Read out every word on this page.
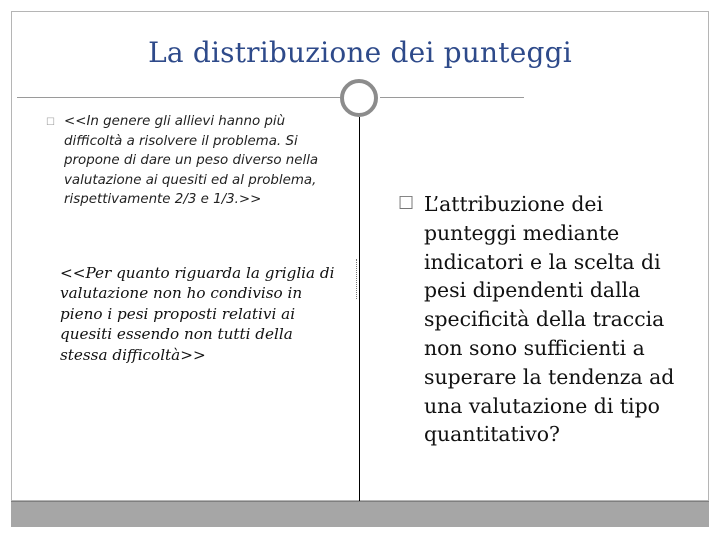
La distribuzione dei punteggi
☐ <<In genere gli allievi hanno più difficoltà a risolvere il problema. Si propone di dare un peso diverso nella valutazione ai quesiti ed al problema, rispettivamente 2/3 e 1/3.>>
<<Per quanto riguarda la griglia di valutazione non ho condiviso in pieno i pesi proposti relativi ai quesiti essendo non tutti della stessa difficoltà>>
☐ L’attribuzione dei punteggi mediante indicatori e la scelta di pesi dipendenti dalla specificità della traccia non sono sufficienti a superare la tendenza ad una valutazione di tipo quantitativo?
